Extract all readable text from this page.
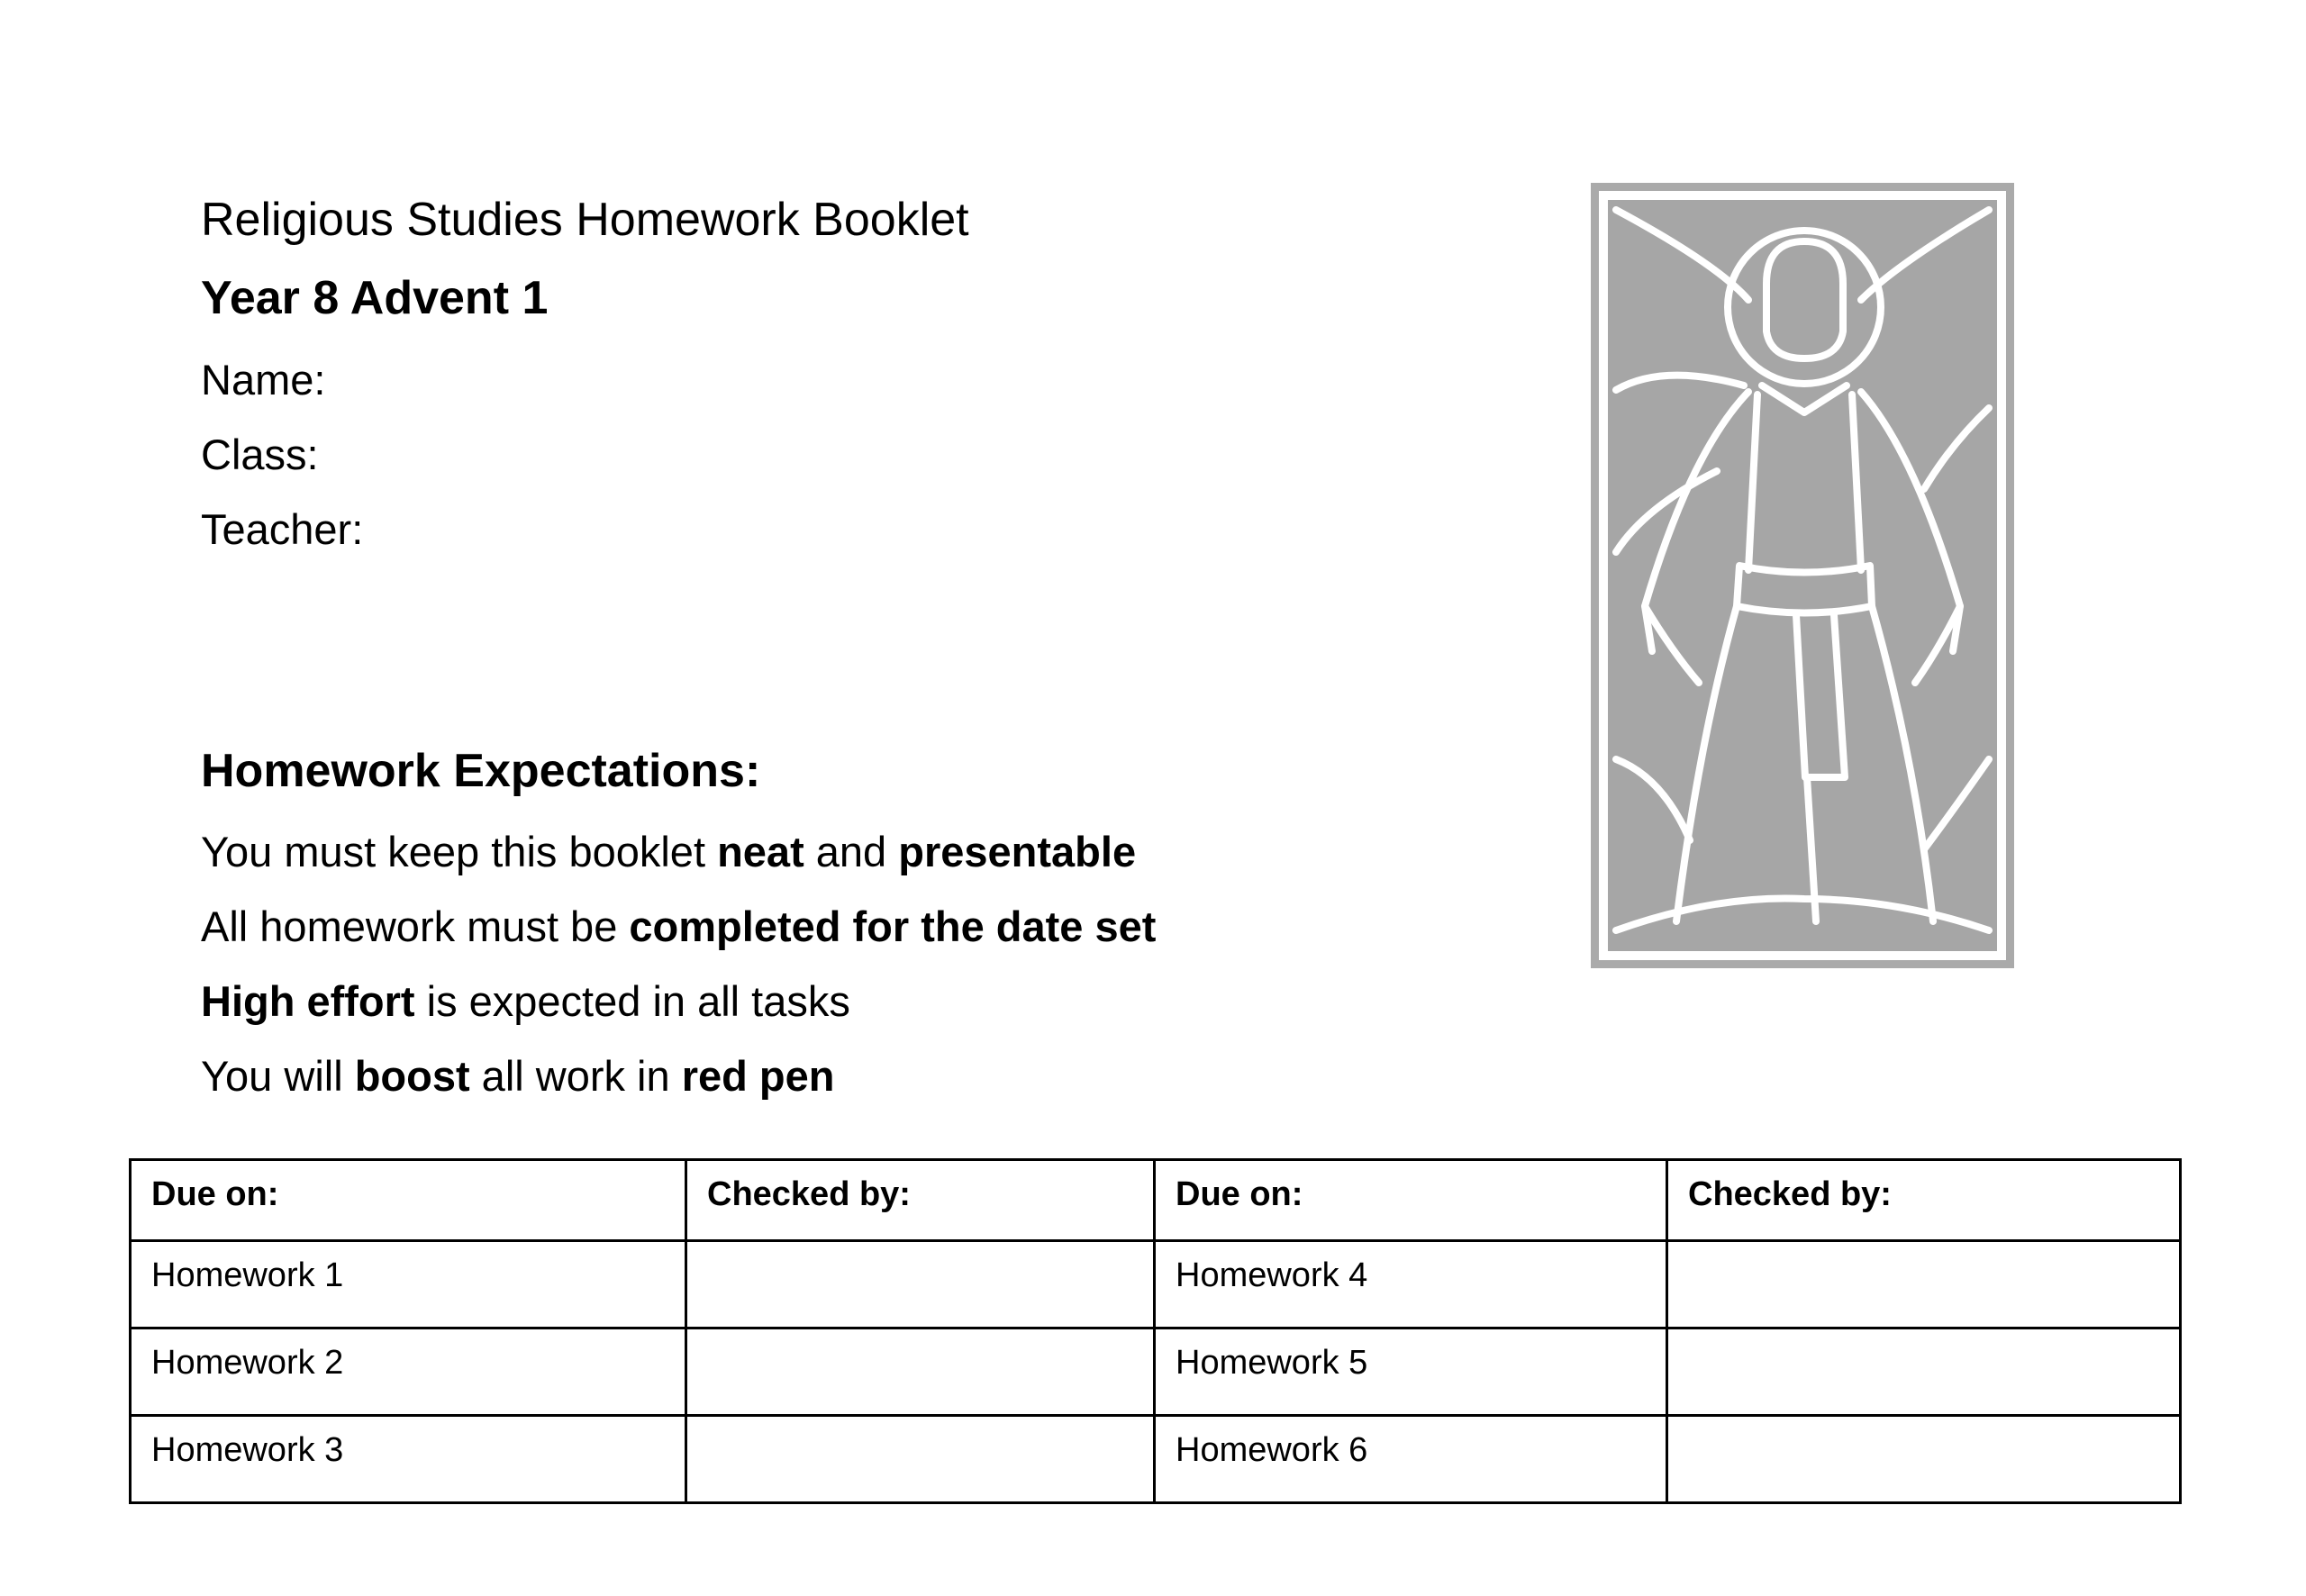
Religious Studies Homework Booklet
Year 8 Advent 1
Name:
Class:
Teacher:
Homework Expectations:
You must keep this booklet neat and presentable
All homework must be completed for the date set
High effort is expected in all tasks
You will boost all work in red pen
Due on:	Checked by:	Due on:	Checked by:
Homework 1		Homework 4	
Homework 2		Homework 5	
Homework 3		Homework 6	
